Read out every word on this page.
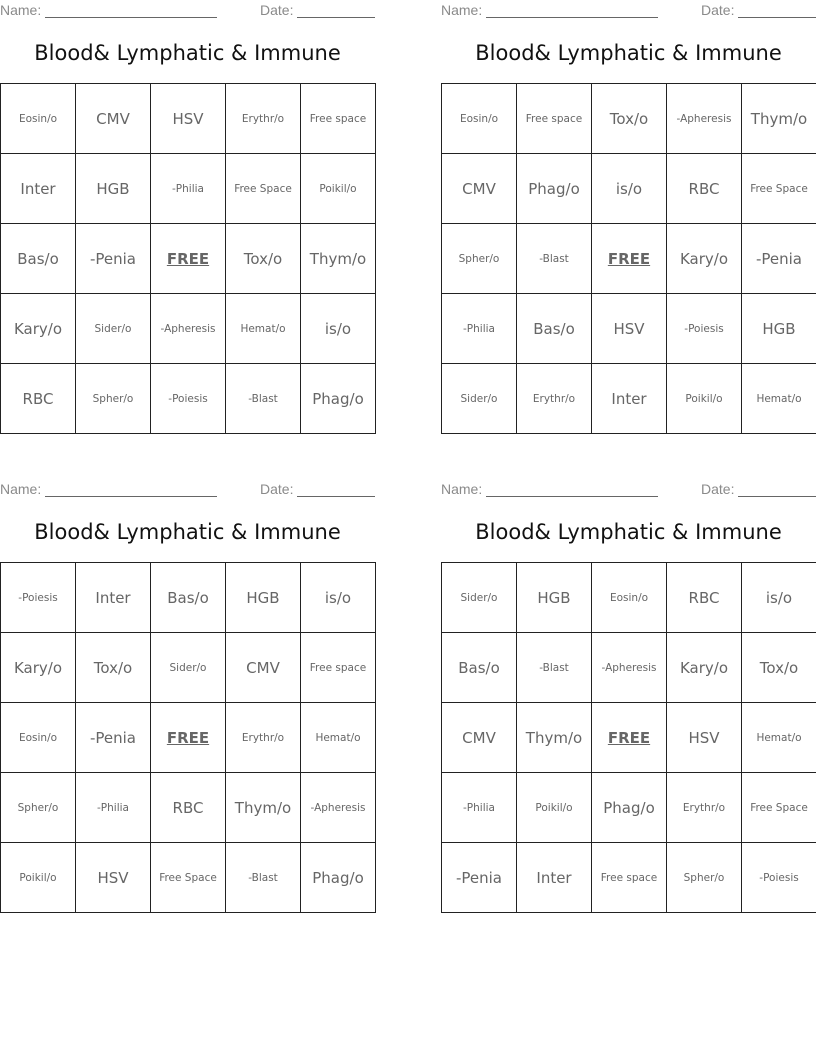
Name:	Date:
Blood& Lymphatic & Immune
Eosin/o	CMV	HSV	Erythr/o	Free space
Inter	HGB	-Philia	Free Space	Poikil/o
Bas/o	-Penia	FREE	Tox/o	Thym/o
Kary/o	Sider/o	-Apheresis	Hemat/o	is/o
RBC	Spher/o	-Poiesis	-Blast	Phag/o
Name:	Date:
Blood& Lymphatic & Immune
Eosin/o	Free space	Tox/o	-Apheresis	Thym/o
CMV	Phag/o	is/o	RBC	Free Space
Spher/o	-Blast	FREE	Kary/o	-Penia
-Philia	Bas/o	HSV	-Poiesis	HGB
Sider/o	Erythr/o	Inter	Poikil/o	Hemat/o
Name:	Date:
Blood& Lymphatic & Immune
-Poiesis	Inter	Bas/o	HGB	is/o
Kary/o	Tox/o	Sider/o	CMV	Free space
Eosin/o	-Penia	FREE	Erythr/o	Hemat/o
Spher/o	-Philia	RBC	Thym/o	-Apheresis
Poikil/o	HSV	Free Space	-Blast	Phag/o
Name:	Date:
Blood& Lymphatic & Immune
Sider/o	HGB	Eosin/o	RBC	is/o
Bas/o	-Blast	-Apheresis	Kary/o	Tox/o
CMV	Thym/o	FREE	HSV	Hemat/o
-Philia	Poikil/o	Phag/o	Erythr/o	Free Space
-Penia	Inter	Free space	Spher/o	-Poiesis
